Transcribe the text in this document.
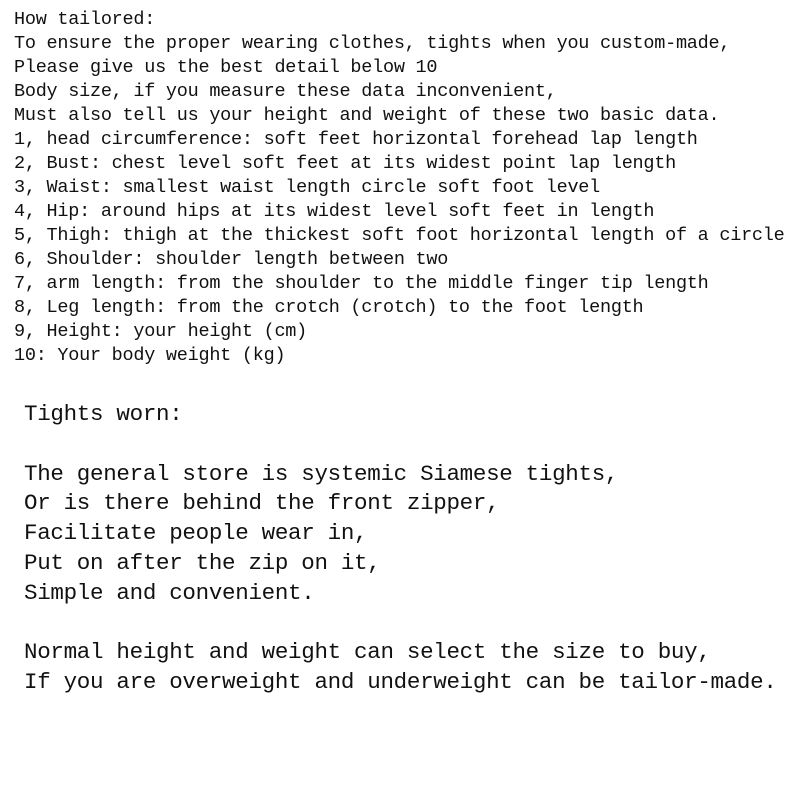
How tailored:
To ensure the proper wearing clothes, tights when you custom-made,
Please give us the best detail below 10
Body size, if you measure these data inconvenient,
Must also tell us your height and weight of these two basic data.
1, head circumference: soft feet horizontal forehead lap length
2, Bust: chest level soft feet at its widest point lap length
3, Waist: smallest waist length circle soft foot level
4, Hip: around hips at its widest level soft feet in length
5, Thigh: thigh at the thickest soft foot horizontal length of a circle
6, Shoulder: shoulder length between two
7, arm length: from the shoulder to the middle finger tip length
8, Leg length: from the crotch (crotch) to the foot length
9, Height: your height (cm)
10: Your body weight (kg)
Tights worn:
The general store is systemic Siamese tights,
Or is there behind the front zipper,
Facilitate people wear in,
Put on after the zip on it,
Simple and convenient.
Normal height and weight can select the size to buy,
If you are overweight and underweight can be tailor-made.
